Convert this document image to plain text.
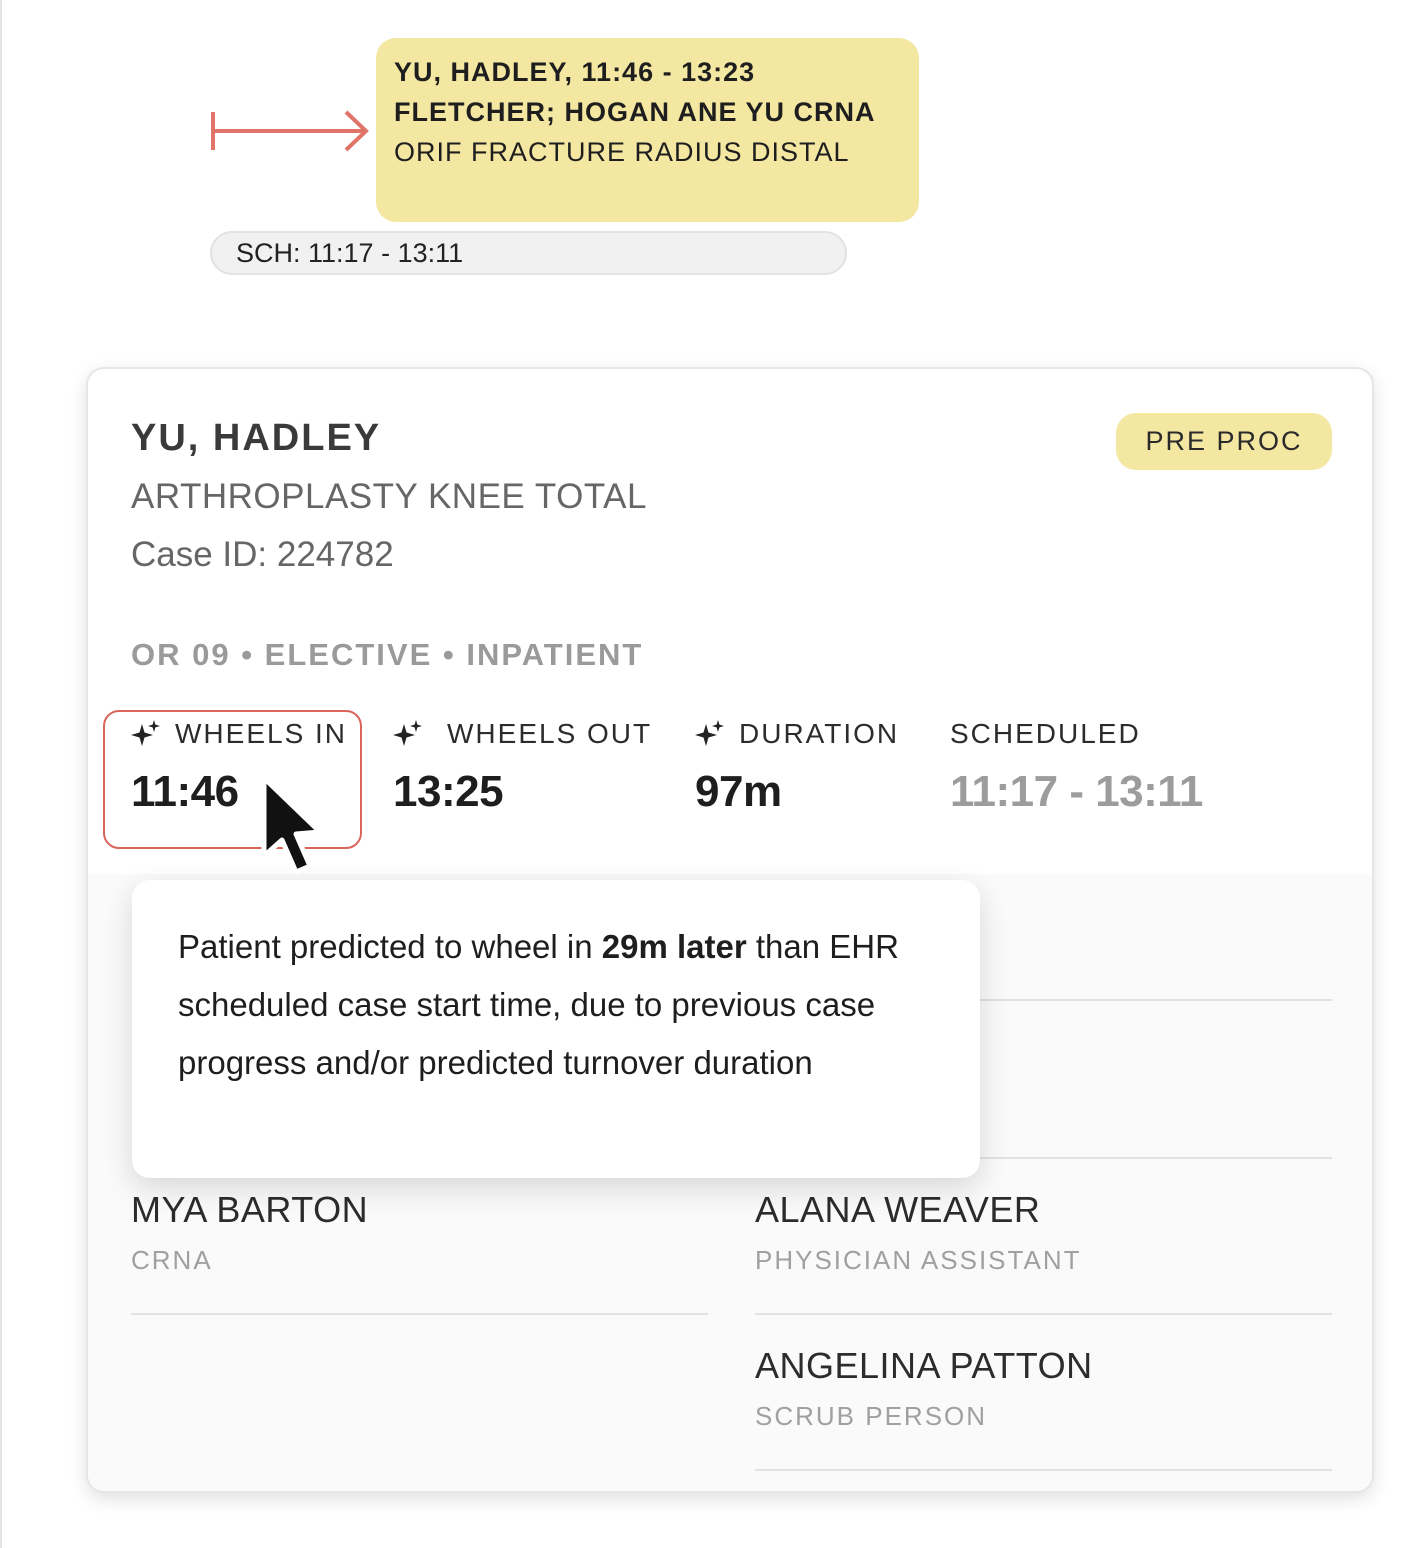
YU, HADLEY, 11:46 - 13:23
FLETCHER; HOGAN ANE YU CRNA
ORIF FRACTURE RADIUS DISTAL
SCH: 11:17 - 13:11
YU, HADLEY
ARTHROPLASTY KNEE TOTAL
Case ID: 224782
PRE PROC
OR 09 • ELECTIVE • INPATIENT
WHEELS IN
11:46
WHEELS OUT
13:25
DURATION
97m
SCHEDULED
11:17 - 13:11
MYA BARTON
CRNA
ALANA WEAVER
PHYSICIAN ASSISTANT
ANGELINA PATTON
SCRUB PERSON
Patient predicted to wheel in 29m later than EHR scheduled case start time, due to previous case progress and/or predicted turnover duration
